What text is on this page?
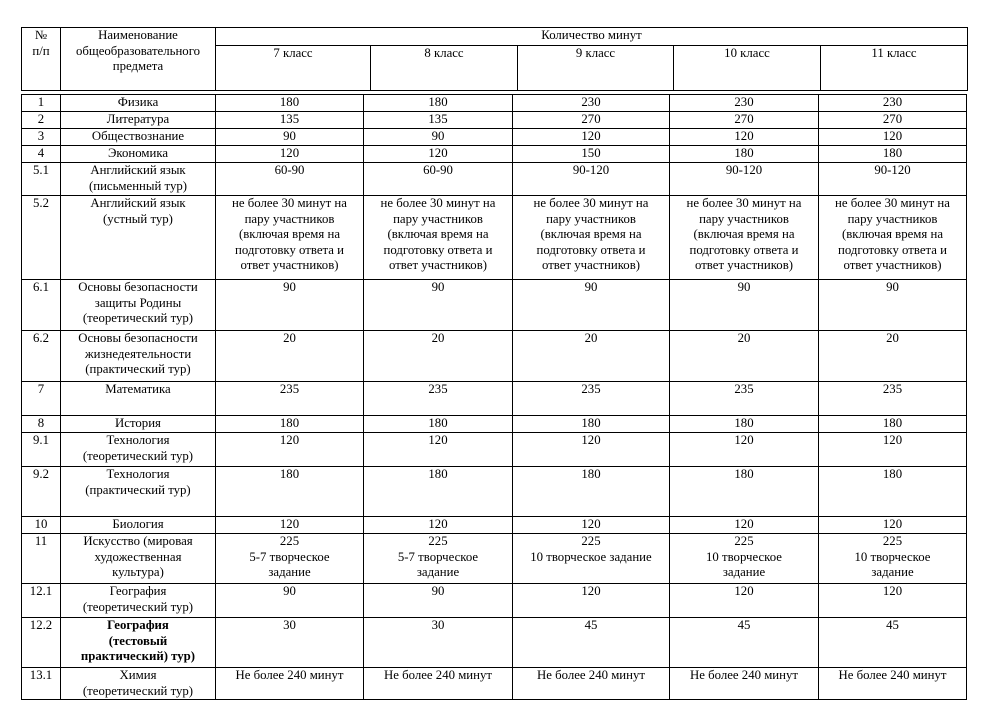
№
п/п	Наименование
общеобразовательного
предмета	Количество минут				
		7 класс	8 класс	9 класс	10 класс	11 класс
1	Физика	180	180	230	230	230

2	Литература	135	135	270	270	270

3	Обществознание	90	90	120	120	120

4	Экономика	120	120	150	180	180

5.1	Английский язык
(письменный тур)	60-90	60-90	90-120	90-120	90-120

5.2	Английский язык
(устный тур)	не более 30 минут на
пару участников
(включая время на
подготовку ответа и
ответ участников)	не более 30 минут на
пару участников
(включая время на
подготовку ответа и
ответ участников)	не более 30 минут на
пару участников
(включая время на
подготовку ответа и
ответ участников)	не более 30 минут на
пару участников
(включая время на
подготовку ответа и
ответ участников)	не более 30 минут на
пару участников
(включая время на
подготовку ответа и
ответ участников)

6.1	Основы безопасности
защиты Родины
(теоретический тур)	90	90	90	90	90

6.2	Основы безопасности
жизнедеятельности
(практический тур)	20	20	20	20	20

7	Математика	235	235	235	235	235

8	История	180	180	180	180	180

9.1	Технология
(теоретический тур)	120	120	120	120	120

9.2	Технология
(практический тур)	180	180	180	180	180

10	Биология	120	120	120	120	120

11	Искусство (мировая
художественная
культура)	225
5-7 творческое
задание	225
5-7 творческое
задание	225
10 творческое задание	225
10 творческое
задание	225
10 творческое
задание

12.1	География
(теоретический тур)	90	90	120	120	120

12.2	География
(тестовый
практический) тур)	30	30	45	45	45

13.1	Химия
(теоретический тур)	Не более 240 минут	Не более 240 минут	Не более 240 минут	Не более 240 минут	Не более 240 минут
